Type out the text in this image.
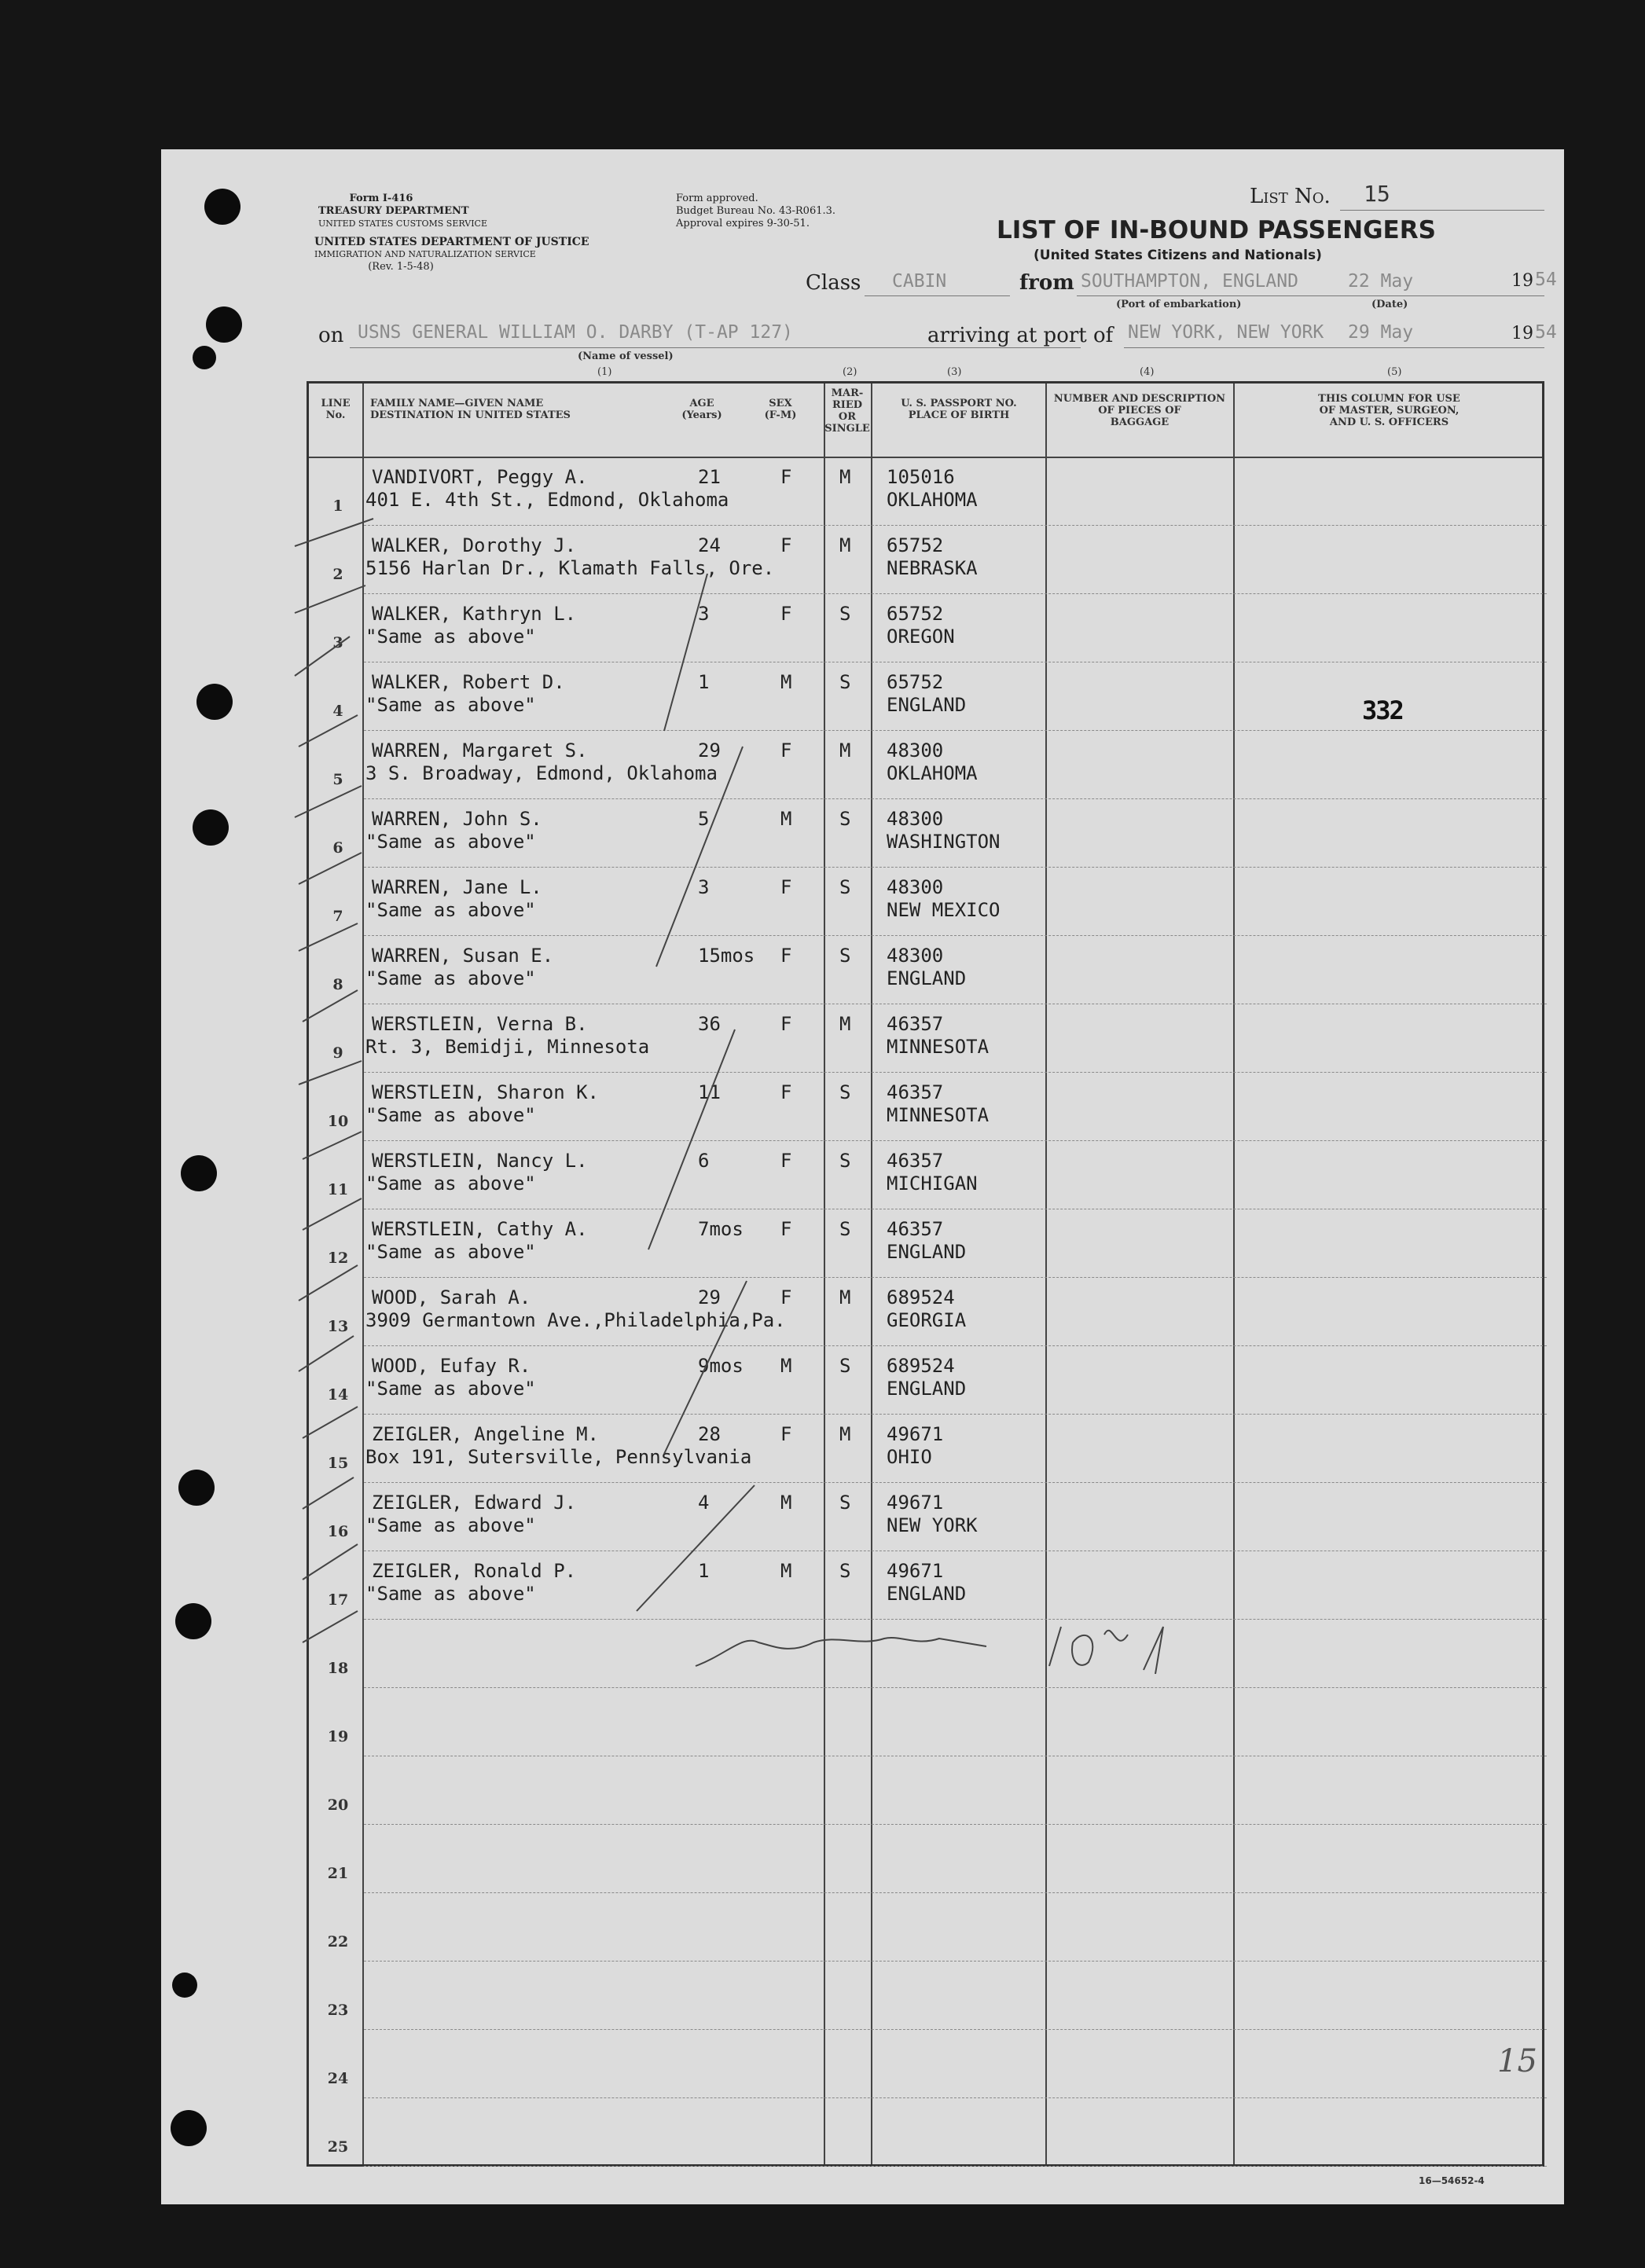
Form I-416
TREASURY DEPARTMENT
UNITED STATES CUSTOMS SERVICE
UNITED STATES DEPARTMENT OF JUSTICE
IMMIGRATION AND NATURALIZATION SERVICE
(Rev. 1-5-48)
Form approved.
Budget Bureau No. 43-R061.3.
Approval expires 9-30-51.
List No. 15
LIST OF IN-BOUND PASSENGERS
(United States Citizens and Nationals)
Class CABIN	from SOUTHAMPTON, ENGLAND
(Port of embarkation)
22 May	19 54
(Date)
on USNS GENERAL WILLIAM O. DARBY (T-AP 127)
(Name of vessel)
(1)
arriving at port of NEW YORK, NEW YORK 29 May	19 54
(2)	(3)	(4)	(5)
LINE
No.
FAMILY NAME—GIVEN NAME
DESTINATION IN UNITED STATES
AGE
(Years)
SEX
(F-M)
MAR-
RIED
OR
SINGLE
U. S. PASSPORT NO.
PLACE OF BIRTH
NUMBER AND DESCRIPTION
OF PIECES OF
BAGGAGE
THIS COLUMN FOR USE
OF MASTER, SURGEON,
AND U. S. OFFICERS
1
VANDIVORT, Peggy A.
401 E. 4th St., Edmond, Oklahoma
21	F	M 105016
OKLAHOMA
2
WALKER, Dorothy J.
5156 Harlan Dr., Klamath Falls, Ore.
24	F	M 65752
NEBRASKA
3
WALKER, Kathryn L.
"Same as above"
3	F	S 65752
OREGON
4
WALKER, Robert D.
"Same as above"
1	M	S 65752
ENGLAND
5
WARREN, Margaret S.
3 S. Broadway, Edmond, Oklahoma
29	F	M 48300
OKLAHOMA
6
WARREN, John S.
"Same as above"
5	M	S 48300
WASHINGTON
7
WARREN, Jane L.
"Same as above"
3	F	S 48300
NEW MEXICO
8
WARREN, Susan E.
"Same as above"
15mos F	S 48300
ENGLAND
9
WERSTLEIN, Verna B.
Rt. 3, Bemidji, Minnesota
36	F	M 46357
MINNESOTA
10
WERSTLEIN, Sharon K.
"Same as above"
11	F	S 46357
MINNESOTA
11
WERSTLEIN, Nancy L.
"Same as above"
6	F	S 46357
MICHIGAN
12
WERSTLEIN, Cathy A.
"Same as above"
7mos F	S 46357
ENGLAND
13
WOOD, Sarah A.
3909 Germantown Ave.,Philadelphia,Pa.
29	F	M 689524
GEORGIA
14
WOOD, Eufay R.
"Same as above"
9mos M	S 689524
ENGLAND
15
ZEIGLER, Angeline M.
Box 191, Sutersville, Pennsylvania
28	F	M 49671
OHIO
16
ZEIGLER, Edward J.
"Same as above"
4	M	S 49671
NEW YORK
17
ZEIGLER, Ronald P.
"Same as above"
1	M	S 49671
ENGLAND
18
19
20
21
22
23
24
25
332
15
16—54652-4
